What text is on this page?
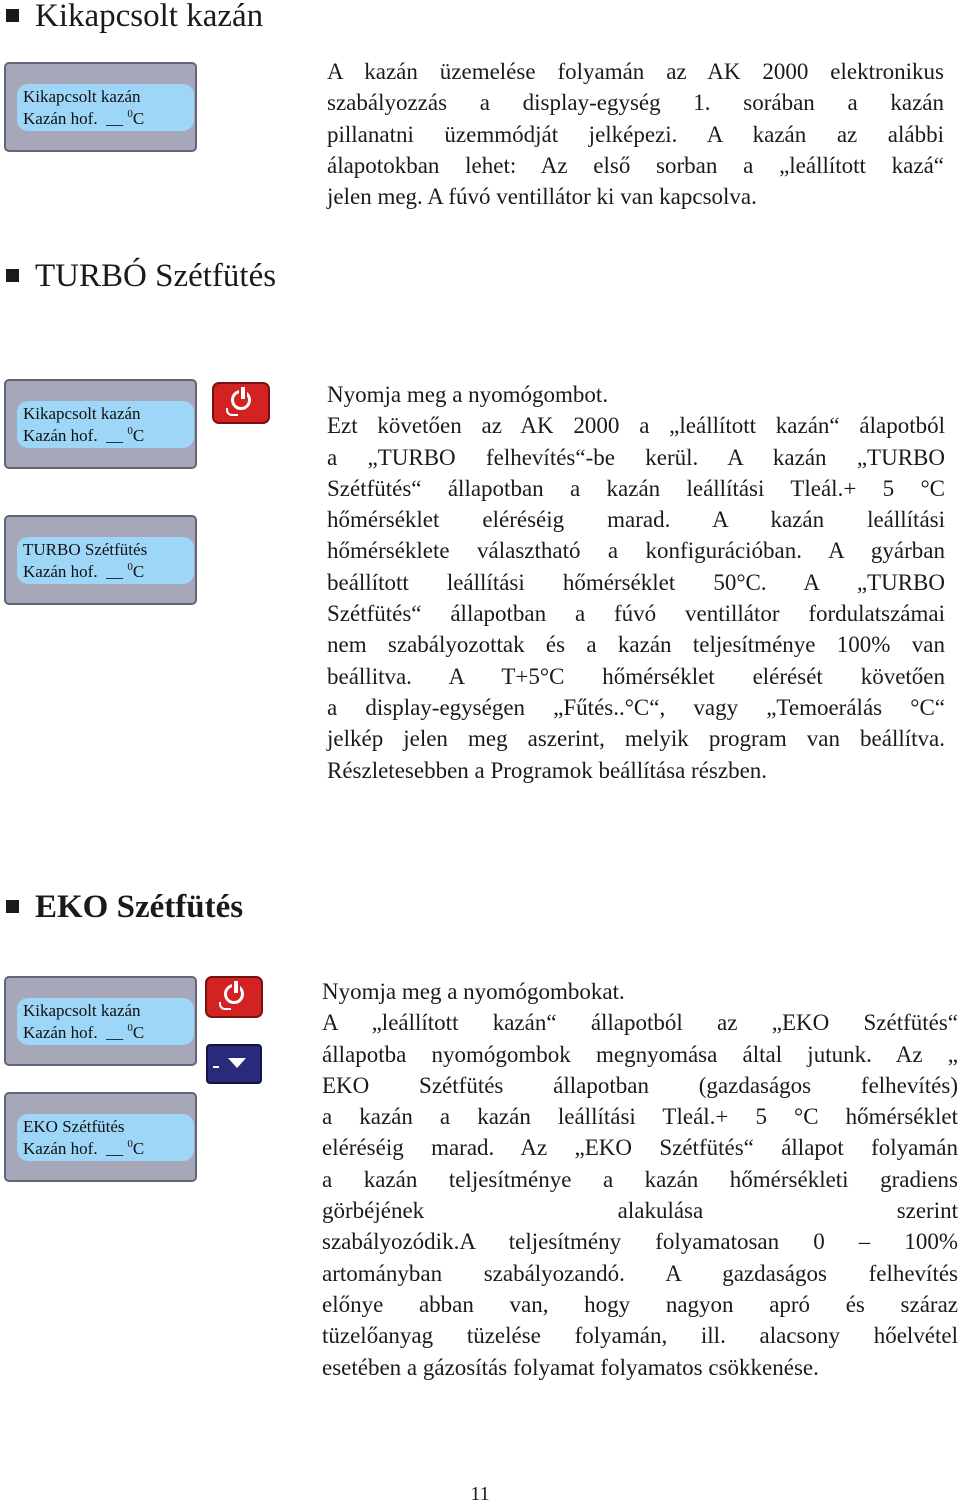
Kikapcsolt kazán
Kikapcsolt kazán
Kazán hof.  __ $^0$C
A kazán üzemelése folyamán az AK 2000 elektronikus
szabályozzás a display-egység 1. sorában a kazán
pillanatni üzemmódját jelképezi. A kazán az alábbi
álapotokban lehet: Az első sorban a „leállított kazá“
jelen meg. A fúvó ventillátor ki van kapcsolva.
TURBÓ Szétfütés
Kikapcsolt kazán
Kazán hof.  __ $^0$C
TURBO Szétfütés
Kazán hof.  __ $^0$C
Nyomja meg a nyomógombot.
Ezt követően az AK 2000 a „leállított kazán“ álapotból
a „TURBO felhevítés“-be kerül. A kazán „TURBO
Szétfütés“ állapotban a kazán leállítási Tleál.+ 5 °C
hőmérséklet eléréséig marad. A kazán leállítási
hőmérséklete választható a konfigurációban. A gyárban
beállított leállítási hőmérséklet 50°C. A „TURBO
Szétfütés“ állapotban a fúvó ventillátor fordulatszámai
nem szabályozottak és a kazán teljesítménye 100% van
beállitva. A T+5°C hőmérséklet elérését követően
a display-egységen „Fűtés..°C“, vagy „Temoerálás °C“
jelkép jelen meg aszerint, melyik program van beállítva.
Részletesebben a Programok beállítása részben.
EKO Szétfütés
Kikapcsolt kazán
Kazán hof.  __ $^0$C
EKO Szétfütés
Kazán hof.  __ $^0$C
Nyomja meg a nyomógombokat.
A „leállított kazán“ állapotból az „EKO Szétfütés“
állapotba nyomógombok megnyomása által jutunk. Az „
EKO Szétfütés állapotban (gazdaságos felhevítés)
a kazán a kazán leállítási Tleál.+ 5 °C hőmérséklet
eléréséig marad. Az „EKO Szétfütés“ állapot folyamán
a kazán teljesítménye a kazán hőmérsékleti gradiens
görbéjének alakulása szerint
szabályozódik.A teljesítmény folyamatosan 0 – 100%
artományban szabályozandó. A gazdaságos felhevítés
előnye abban van, hogy nagyon apró és száraz
tüzelőanyag tüzelése folyamán, ill. alacsony hőelvétel
esetében a gázosítás folyamat folyamatos csökkenése.
11
